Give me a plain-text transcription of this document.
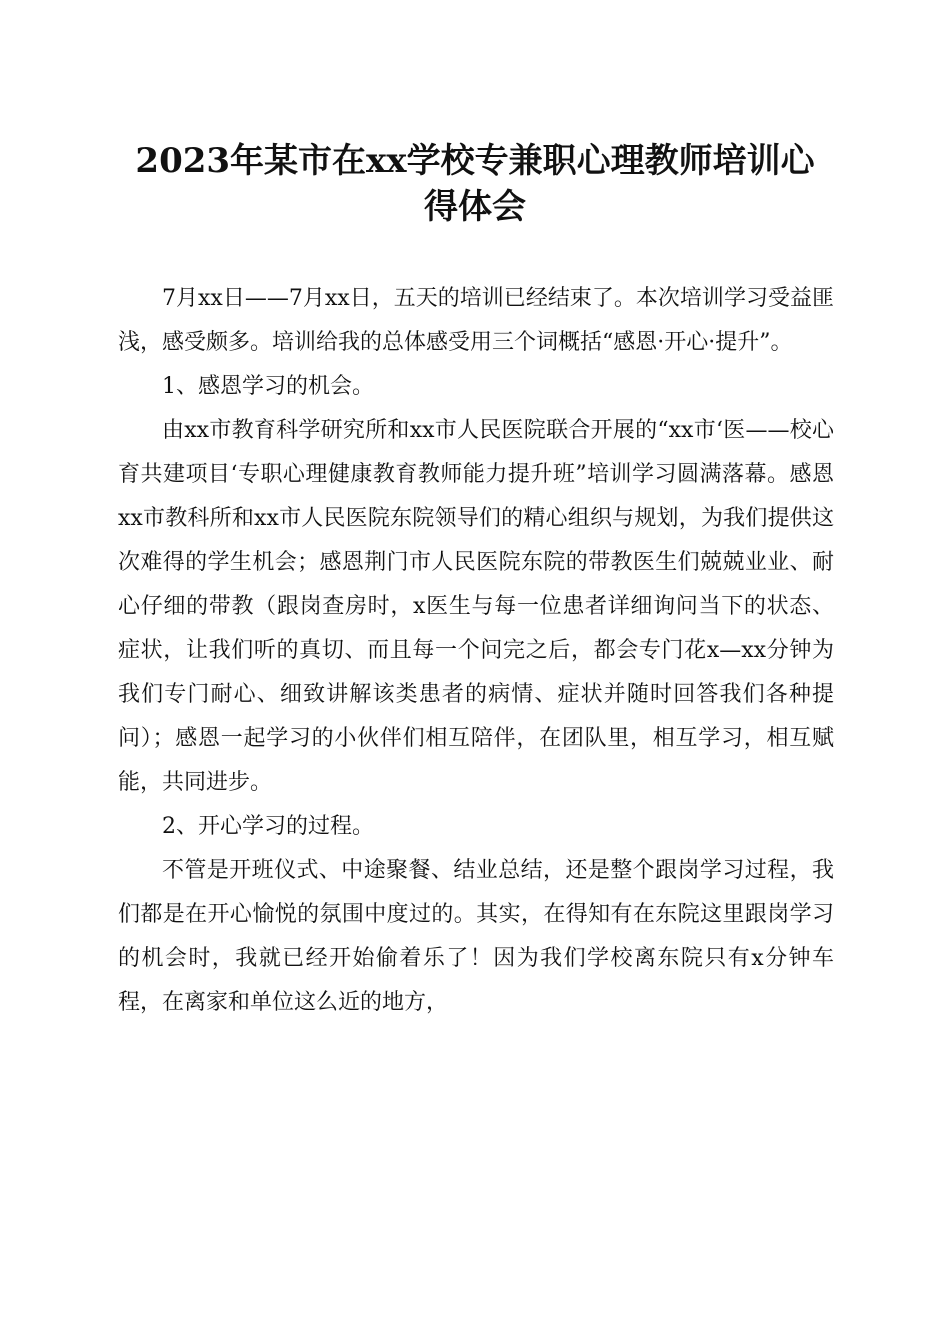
2023年某市在xx学校专兼职心理教师培训心
得体会

7月xx日——7月xx日，五天的培训已经结束了。本次培训学习受益匪浅，感受颇多。培训给我的总体感受用三个词概括“感恩·开心·提升”。

1、感恩学习的机会。

由xx市教育科学研究所和xx市人民医院联合开展的“xx市‘医——校心育共建项目‘专职心理健康教育教师能力提升班”培训学习圆满落幕。感恩xx市教科所和xx市人民医院东院领导们的精心组织与规划，为我们提供这次难得的学生机会；感恩荆门市人民医院东院的带教医生们兢兢业业、耐心仔细的带教（跟岗查房时，x医生与每一位患者详细询问当下的状态、症状，让我们听的真切、而且每一个问完之后，都会专门花x—xx分钟为我们专门耐心、细致讲解该类患者的病情、症状并随时回答我们各种提问）；感恩一起学习的小伙伴们相互陪伴，在团队里，相互学习，相互赋能，共同进步。

2、开心学习的过程。

不管是开班仪式、中途聚餐、结业总结，还是整个跟岗学习过程，我们都是在开心愉悦的氛围中度过的。其实，在得知有在东院这里跟岗学习的机会时，我就已经开始偷着乐了！因为我们学校离东院只有x分钟车程，在离家和单位这么近的地方，
